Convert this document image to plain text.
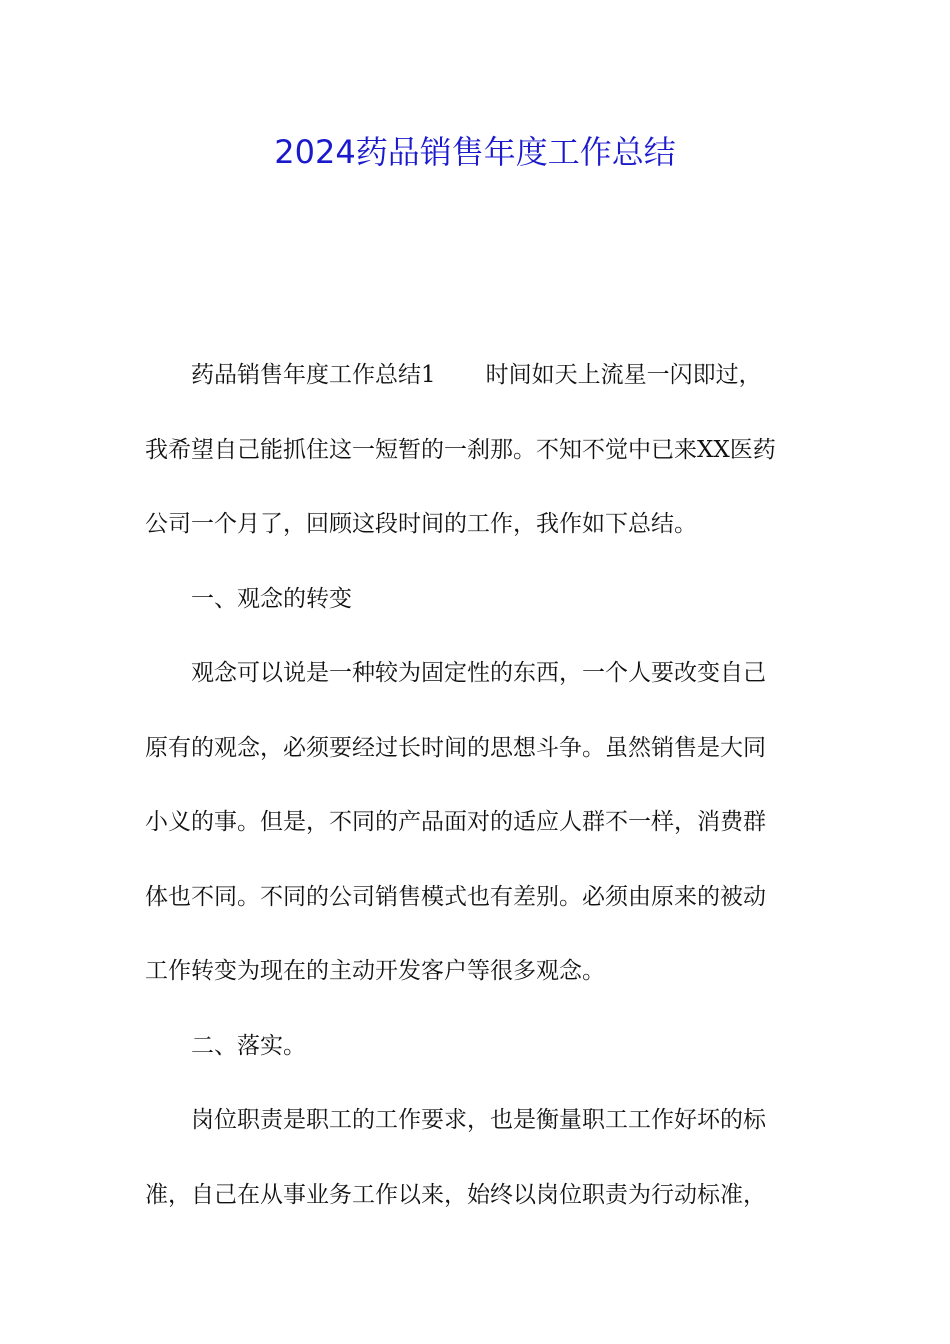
2024药品销售年度工作总结

药品销售年度工作总结1 时间如天上流星一闪即过，

我希望自己能抓住这一短暂的一刹那。不知不觉中已来XX医药

公司一个月了，回顾这段时间的工作，我作如下总结。

一、观念的转变

观念可以说是一种较为固定性的东西，一个人要改变自己

原有的观念，必须要经过长时间的思想斗争。虽然销售是大同

小义的事。但是，不同的产品面对的适应人群不一样，消费群

体也不同。不同的公司销售模式也有差别。必须由原来的被动

工作转变为现在的主动开发客户等很多观念。

二、落实。

岗位职责是职工的工作要求，也是衡量职工工作好坏的标

准，自己在从事业务工作以来，始终以岗位职责为行动标准，
